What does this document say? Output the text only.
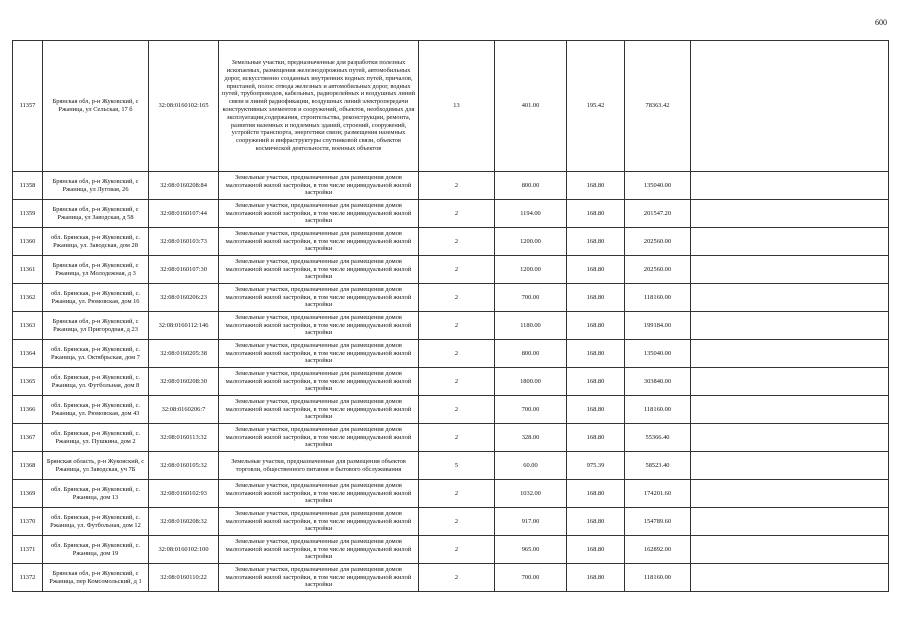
600
11357	Брянская обл, р-н Жуковский, с Ржаница, ул Сельская, 17 б	32:08:0160102:165	Земельные участки, предназначенные для разработки полезных ископаемых, размещения железнодорожных путей, автомобильных дорог, искусственно созданных внутренних водных путей, причалов, пристаней, полос отвода железных и автомобильных дорог, водных путей, трубопроводов, кабельных, радиорелейных и воздушных линий связи и линий радиофикации, воздушных линий электропередачи конструктивных элементов и сооружений, объектов, необходимых для эксплуатации,содержания, строительства, реконструкции, ремонта, развития наземных и подземных зданий, строений, сооружений, устройств транспорта, энергетики связи; размещения наземных сооружений и инфраструктуры спутниковой связи, объектов космической деятельности, военных объектов	13	401.00	195.42	78363.42	
11358	Брянская обл, р-н Жуковский, с Ржаница, ул Луговая, 26	32:08:0160208:84	Земельные участки, предназначенные для размещения домов малоэтажной жилой застройки, в том числе индивидуальной жилой застройки	2	800.00	168.80	135040.00	
11359	Брянская обл, р-н Жуковский, с Ржаница, ул Заводская, д 58	32:08:0160107:44	Земельные участки, предназначенные для размещения домов малоэтажной жилой застройки, в том числе индивидуальной жилой застройки	2	1194.00	168.80	201547.20	
11360	обл. Брянская, р-н Жуковский, с. Ржаница, ул. Заводская, дом 28	32:08:0160103:73	Земельные участки, предназначенные для размещения домов малоэтажной жилой застройки, в том числе индивидуальной жилой застройки	2	1200.00	168.80	202560.00	
11361	Брянская обл, р-н Жуковский, с Ржаница, ул Молодежная, д 3	32:08:0160107:30	Земельные участки, предназначенные для размещения домов малоэтажной жилой застройки, в том числе индивидуальной жилой застройки	2	1200.00	168.80	202560.00	
11362	обл. Брянская, р-н Жуковский, с. Ржаница, ул. Рюмовская, дом 16	32:08:0160206:23	Земельные участки, предназначенные для размещения домов малоэтажной жилой застройки, в том числе индивидуальной жилой застройки	2	700.00	168.80	118160.00	
11363	Брянская обл, р-н Жуковский, с Ржаница, ул Пригородная, д 23	32:08:0160112:146	Земельные участки, предназначенные для размещения домов малоэтажной жилой застройки, в том числе индивидуальной жилой застройки	2	1180.00	168.80	199184.00	
11364	обл. Брянская, р-н Жуковский, с. Ржаница, ул. Октябрьская, дом 7	32:08:0160205:38	Земельные участки, предназначенные для размещения домов малоэтажной жилой застройки, в том числе индивидуальной жилой застройки	2	800.00	168.80	135040.00	
11365	обл. Брянская, р-н Жуковский, с. Ржаница, ул. Футбольная, дом 8	32:08:0160208:30	Земельные участки, предназначенные для размещения домов малоэтажной жилой застройки, в том числе индивидуальной жилой застройки	2	1800.00	168.80	303840.00	
11366	обл. Брянская, р-н Жуковский, с. Ржаница, ул. Рюмовская, дом 43	32:08:0160206:7	Земельные участки, предназначенные для размещения домов малоэтажной жилой застройки, в том числе индивидуальной жилой застройки	2	700.00	168.80	118160.00	
11367	обл. Брянская, р-н Жуковский, с. Ржаница, ул. Пушкина, дом 2	32:08:0160113:32	Земельные участки, предназначенные для размещения домов малоэтажной жилой застройки, в том числе индивидуальной жилой застройки	2	328.00	168.80	55366.40	
11368	Брянская область, р-н Жуковский, с Ржаница, ул Заводская, уч 7Б	32:08:0160105:32	Земельные участки, предназначенные для размещения объектов торговли, общественного питания и бытового обслуживания	5	60.00	975.39	58523.40	
11369	обл. Брянская, р-н Жуковский, с. Ржаница, дом 13	32:08:0160102:93	Земельные участки, предназначенные для размещения домов малоэтажной жилой застройки, в том числе индивидуальной жилой застройки	2	1032.00	168.80	174201.60	
11370	обл. Брянская, р-н Жуковский, с. Ржаница, ул. Футбольная, дом 12	32:08:0160208:32	Земельные участки, предназначенные для размещения домов малоэтажной жилой застройки, в том числе индивидуальной жилой застройки	2	917.00	168.80	154789.60	
11371	обл. Брянская, р-н Жуковский, с. Ржаница, дом 19	32:08:0160102:100	Земельные участки, предназначенные для размещения домов малоэтажной жилой застройки, в том числе индивидуальной жилой застройки	2	965.00	168.80	162892.00	
11372	Брянская обл, р-н Жуковский, с Ржаница, пер Комсомольский, д 1	32:08:0160110:22	Земельные участки, предназначенные для размещения домов малоэтажной жилой застройки, в том числе индивидуальной жилой застройки	2	700.00	168.80	118160.00	
